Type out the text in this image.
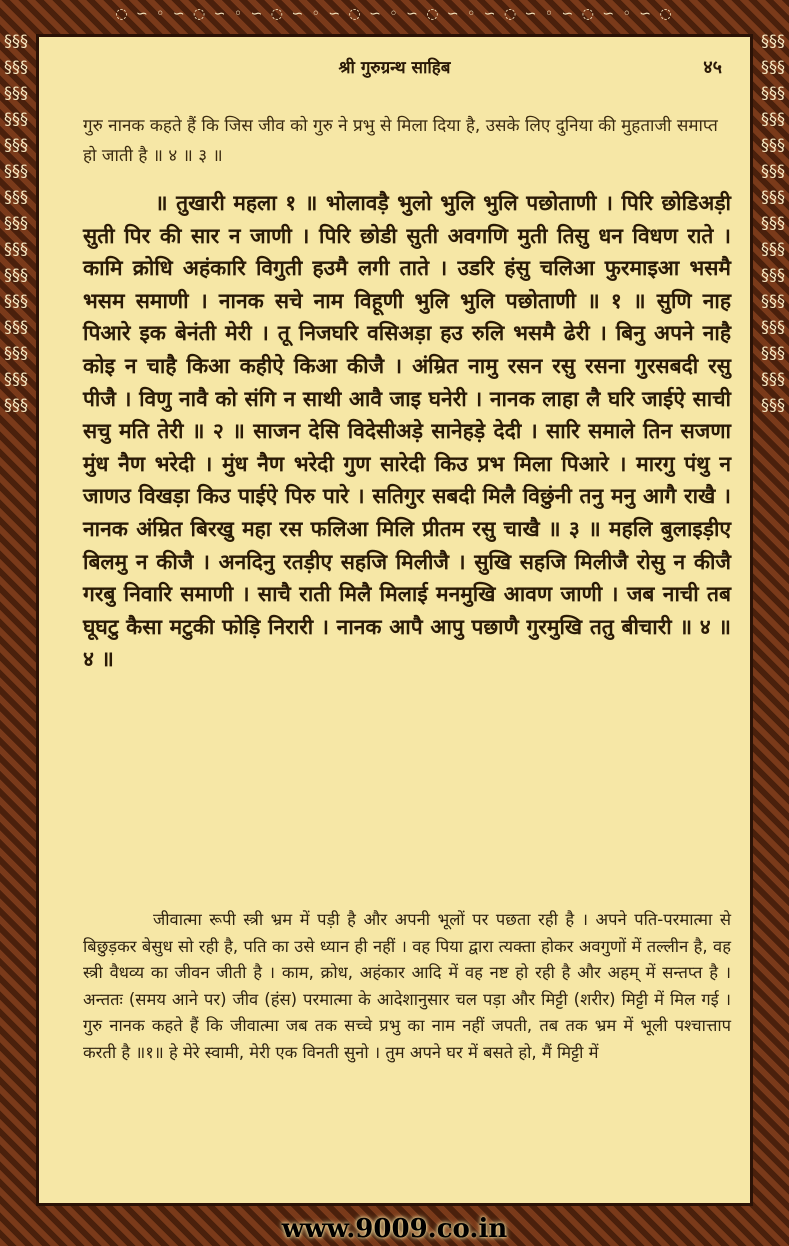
◌ ∽ ◦ ∽ ◌ ∽ ◦ ∽ ◌ ∽ ◦ ∽ ◌ ∽ ◦ ∽ ◌ ∽ ◦ ∽ ◌ ∽ ◦ ∽ ◌ ∽ ◦ ∽ ◌
§§§§§§§§§§§§§§§§§§§§§§§§§§§§§§§§§§§§§§§§§§§§§
§§§§§§§§§§§§§§§§§§§§§§§§§§§§§§§§§§§§§§§§§§§§§
श्री गुरुग्रन्थ साहिब	४५
गुरु नानक कहते हैं कि जिस जीव को गुरु ने प्रभु से मिला दिया है, उसके लिए दुनिया की मुहताजी समाप्त हो जाती है ॥ ४ ॥ ३ ॥
॥ तुखारी महला १ ॥ भोलावड़ै भुलो भुलि भुलि पछोताणी । पिरि छोडिअड़ी सुती पिर की सार न जाणी । पिरि छोडी सुती अवगणि मुती तिसु धन विधण राते । कामि क्रोधि अहंकारि विगुती हउमै लगी ताते । उडरि हंसु चलिआ फुरमाइआ भसमै भसम समाणी । नानक सचे नाम विहूणी भुलि भुलि पछोताणी ॥ १ ॥ सुणि नाह पिआरे इक बेनंती मेरी । तू निजघरि वसिअड़ा हउ रुलि भसमै ढेरी । बिनु अपने नाहै कोइ न चाहै किआ कहीऐ किआ कीजै । अंम्रित नामु रसन रसु रसना गुरसबदी रसु पीजै । विणु नावै को संगि न साथी आवै जाइ घनेरी । नानक लाहा लै घरि जाईऐ साची सचु मति तेरी ॥ २ ॥ साजन देसि विदेसीअड़े सानेहड़े देदी । सारि समाले तिन सजणा मुंध नैण भरेदी । मुंध नैण भरेदी गुण सारेदी किउ प्रभ मिला पिआरे । मारगु पंथु न जाणउ विखड़ा किउ पाईऐ पिरु पारे । सतिगुर सबदी मिलै विछुंनी तनु मनु आगै राखै । नानक अंम्रित बिरखु महा रस फलिआ मिलि प्रीतम रसु चाखै ॥ ३ ॥ महलि बुलाइड़ीए बिलमु न कीजै । अनदिनु रतड़ीए सहजि मिलीजै । सुखि सहजि मिलीजै रोसु न कीजै गरबु निवारि समाणी । साचै राती मिलै मिलाई मनमुखि आवण जाणी । जब नाची तब घूघटु कैसा मटुकी फोड़ि निरारी । नानक आपै आपु पछाणै गुरमुखि ततु बीचारी ॥ ४ ॥ ४ ॥
जीवात्मा रूपी स्त्री भ्रम में पड़ी है और अपनी भूलों पर पछता रही है । अपने पति-परमात्मा से बिछुड़कर बेसुध सो रही है, पति का उसे ध्यान ही नहीं । वह पिया द्वारा त्यक्ता होकर अवगुणों में तल्लीन है, वह स्त्री वैधव्य का जीवन जीती है । काम, क्रोध, अहंकार आदि में वह नष्ट हो रही है और अहम् में सन्तप्त है । अन्ततः (समय आने पर) जीव (हंस) परमात्मा के आदेशानुसार चल पड़ा और मिट्टी (शरीर) मिट्टी में मिल गई । गुरु नानक कहते हैं कि जीवात्मा जब तक सच्चे प्रभु का नाम नहीं जपती, तब तक भ्रम में भूली पश्चात्ताप करती है ॥१॥ हे मेरे स्वामी, मेरी एक विनती सुनो । तुम अपने घर में बसते हो, मैं मिट्टी में
www.9009.co.in
